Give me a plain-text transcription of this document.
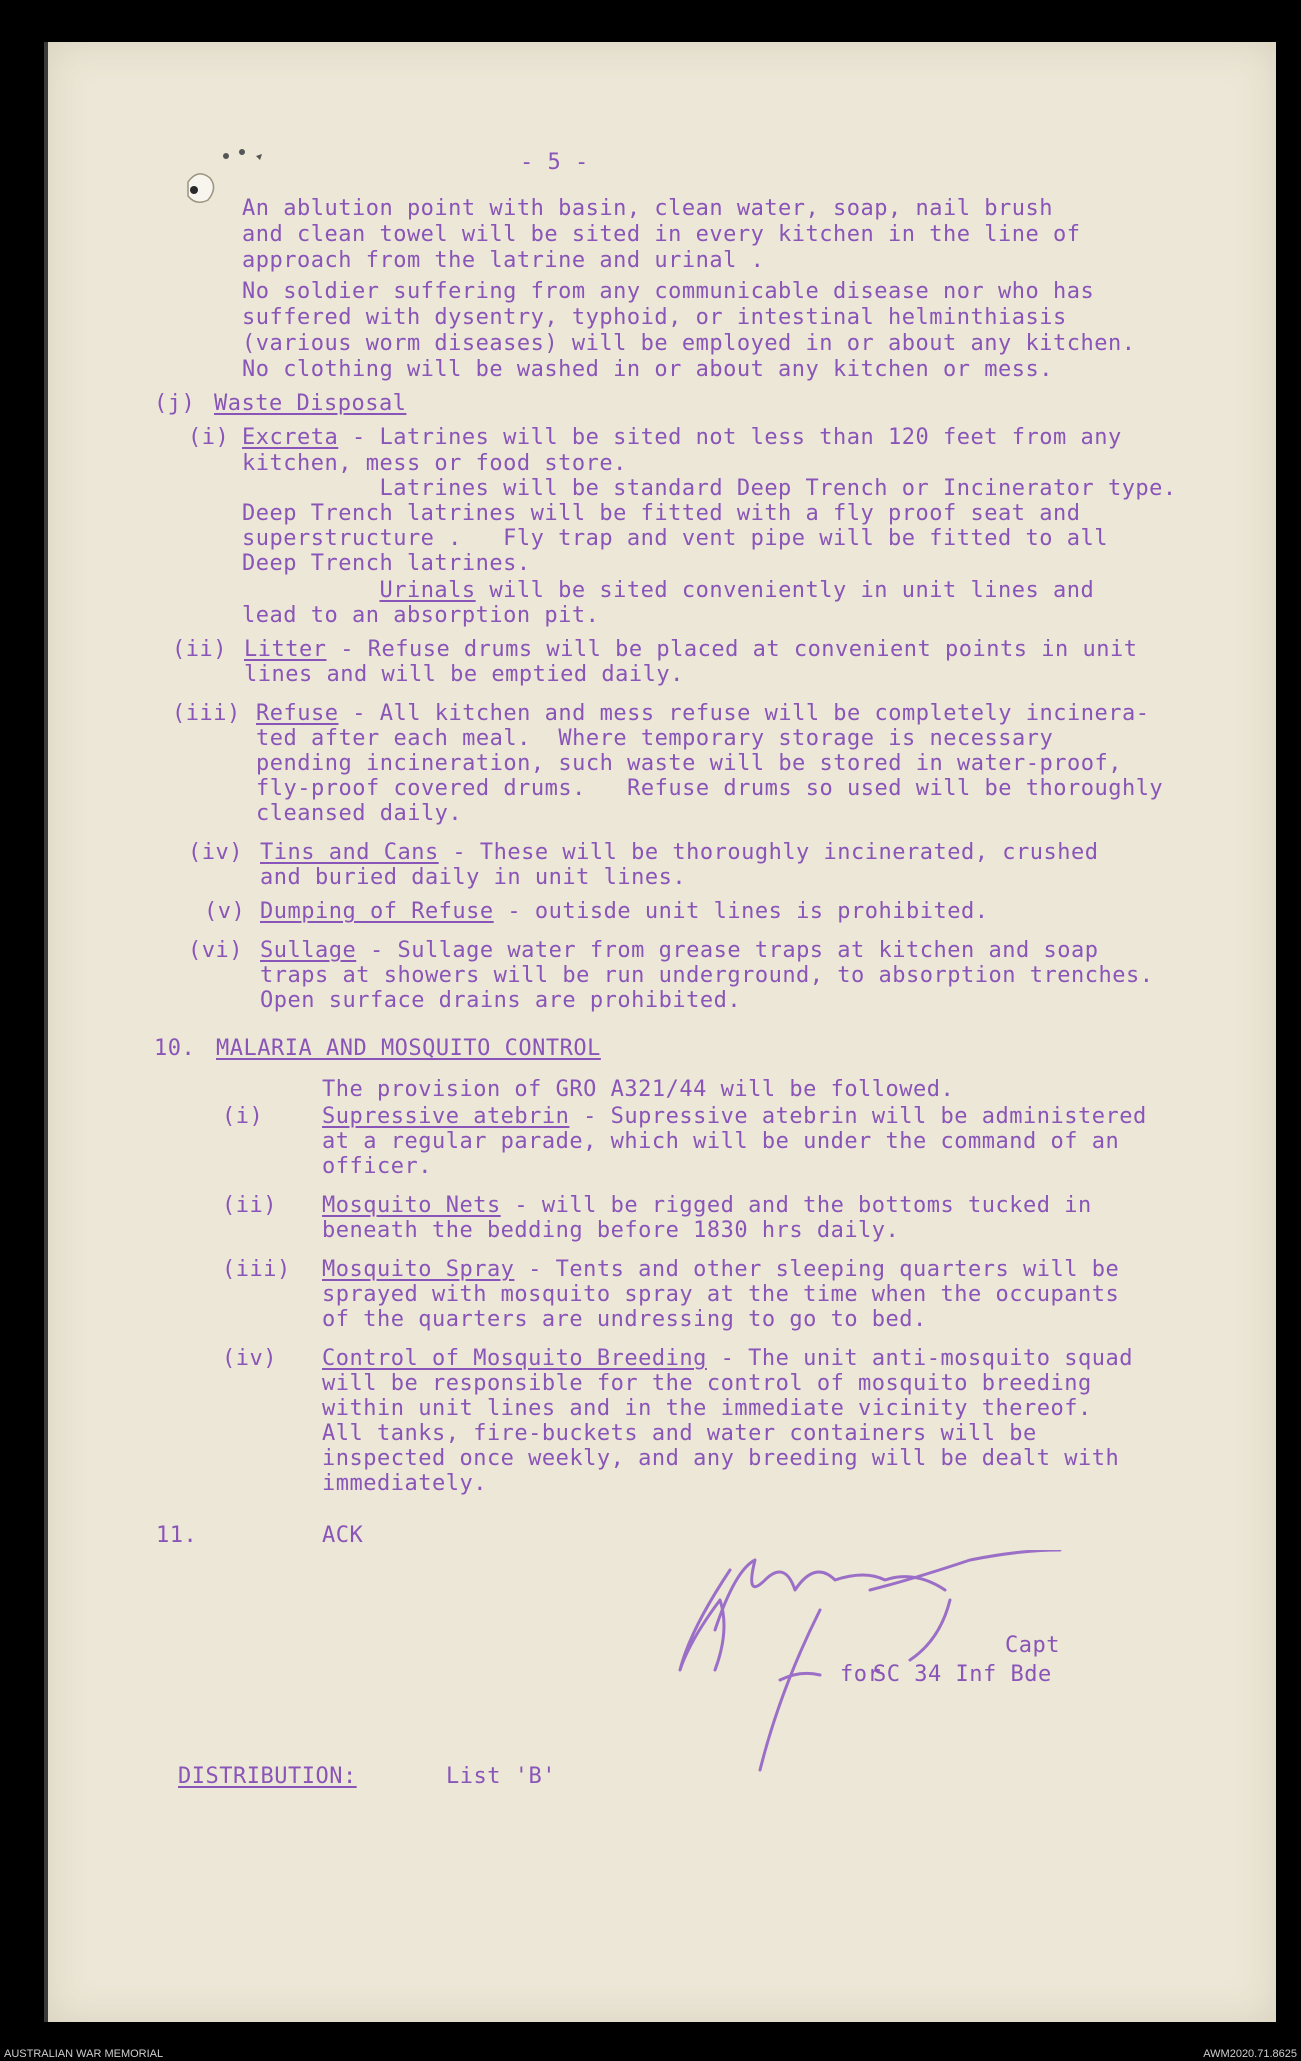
- 5 -
An ablution point with basin, clean water, soap, nail brush
and clean towel will be sited in every kitchen in the line of
approach from the latrine and urinal .
No soldier suffering from any communicable disease nor who has
suffered with dysentry, typhoid, or intestinal helminthiasis
(various worm diseases) will be employed in or about any kitchen.
No clothing will be washed in or about any kitchen or mess.
(j) Waste Disposal
(i) Excreta - Latrines will be sited not less than 120 feet from any
kitchen, mess or food store.
Latrines will be standard Deep Trench or Incinerator type.
Deep Trench latrines will be fitted with a fly proof seat and
superstructure .   Fly trap and vent pipe will be fitted to all
Deep Trench latrines.
Urinals will be sited conveniently in unit lines and
lead to an absorption pit.
(ii) Litter - Refuse drums will be placed at convenient points in unit
lines and will be emptied daily.
(iii) Refuse - All kitchen and mess refuse will be completely incinera-
ted after each meal.  Where temporary storage is necessary
pending incineration, such waste will be stored in water-proof,
fly-proof covered drums.   Refuse drums so used will be thoroughly
cleansed daily.
(iv) Tins and Cans - These will be thoroughly incinerated, crushed
and buried daily in unit lines.
(v) Dumping of Refuse - outisde unit lines is prohibited.
(vi) Sullage - Sullage water from grease traps at kitchen and soap
traps at showers will be run underground, to absorption trenches.
Open surface drains are prohibited.
10. MALARIA AND MOSQUITO CONTROL
The provision of GRO A321/44 will be followed.
(i)	Supressive atebrin - Supressive atebrin will be administered
at a regular parade, which will be under the command of an
officer.
(ii) Mosquito Nets - will be rigged and the bottoms tucked in
beneath the bedding before 1830 hrs daily.
(iii) Mosquito Spray - Tents and other sleeping quarters will be
sprayed with mosquito spray at the time when the occupants
of the quarters are undressing to go to bed.
(iv) Control of Mosquito Breeding - The unit anti-mosquito squad
will be responsible for the control of mosquito breeding
within unit lines and in the immediate vicinity thereof.
All tanks, fire-buckets and water containers will be
inspected once weekly, and any breeding will be dealt with
immediately.
11.	ACK
Capt
for
SC 34 Inf Bde
DISTRIBUTION:	List 'B'
AUSTRALIAN WAR MEMORIAL	AWM2020.71.8625
